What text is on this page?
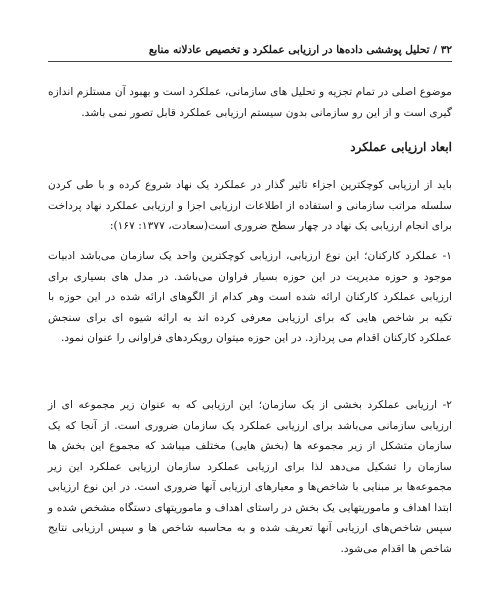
۳۲ / تحلیل پوششی داده‌ها در ارزیابی عملکرد و تخصیص عادلانه منابع

موضوع اصلی در تمام تجزیه و تحلیل های سازمانی، عملکرد است و بهبود آن مستلزم اندازه گیری است و از این رو سازمانی بدون سیستم ارزیابی عملکرد قابل تصور نمی باشد.

ابعاد ارزیابی عملکرد

باید از ارزیابی کوچکترین اجزاء تاثیر گذار در عملکرد یک نهاد شروع کرده و با طی کردن سلسله مراتب سازمانی و استفاده از اطلاعات ارزیابی اجزا و ارزیابی عملکرد نهاد پرداخت برای انجام ارزیابی یک نهاد در چهار سطح ضروری است(سعادت، ۱۳۷۷: ۱۶۷):

۱- عملکرد کارکنان؛ این نوع ارزیابی، ارزیابی کوچکترین واحد یک سازمان می‌باشد ادبیات موجود و حوزه مدیریت در این حوزه بسیار فراوان می‌باشد. در مدل های بسیاری برای ارزیابی عملکرد کارکنان ارائه شده است وهر کدام از الگوهای ارائه شده در این حوزه با تکیه بر شاخص هایی که برای ارزیابی معرفی کرده اند به ارائه شیوه ای برای سنجش عملکرد کارکنان اقدام می پردازد. در این حوزه میتوان رویکردهای فراوانی را عنوان نمود.

۲- ارزیابی عملکرد بخشی از یک سازمان؛ این ارزیابی که به عنوان زیر مجموعه ای از ارزیابی سازمانی می‌باشد برای ارزیابی عملکرد یک سازمان ضروری است. از آنجا که یک سازمان متشکل از زیر مجموعه ها (بخش هایی) مختلف میباشد که مجموع این بخش ها سازمان را تشکیل می‌دهد لذا برای ارزیابی عملکرد سازمان ارزیابی عملکرد این زیر مجموعه‌ها بر مبنایی با شاخص‌ها و معیارهای ارزیابی آنها ضروری است. در این نوع ارزیابی ابتدا اهداف و ماموریتهایی یک بخش در راستای اهداف و ماموریتهای دستگاه مشخص شده و سپس شاخص‌های ارزیابی آنها تعریف شده و به محاسبه شاخص ها و سپس ارزیابی نتایج شاخص ها اقدام می‌شود.
